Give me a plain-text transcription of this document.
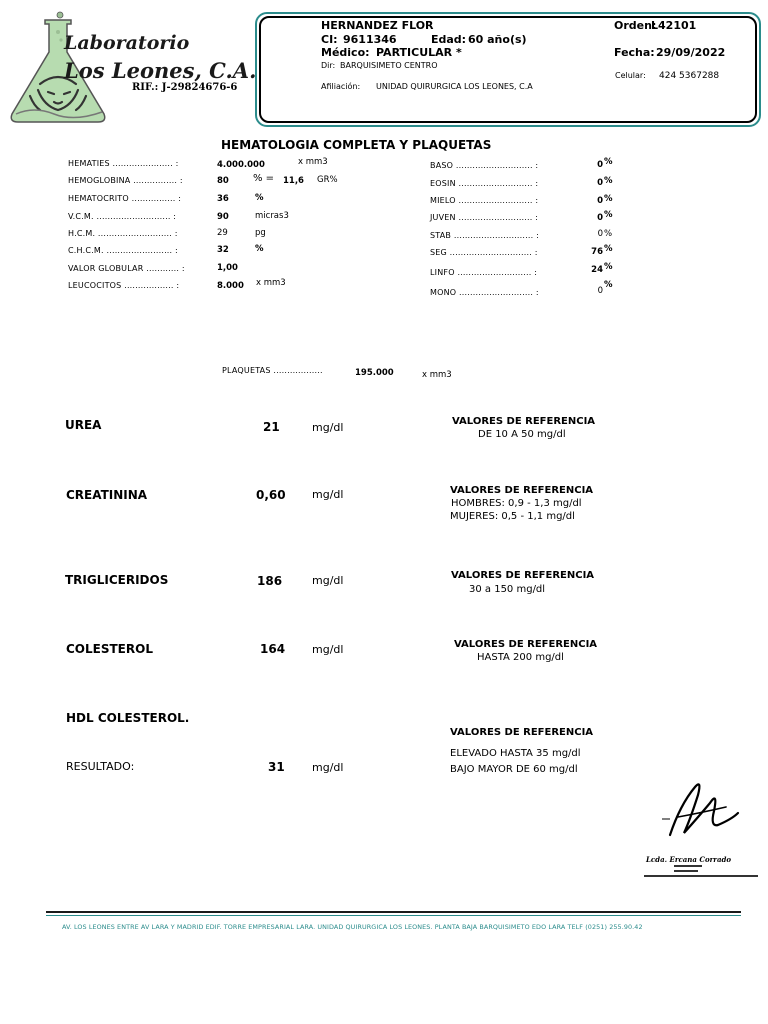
Laboratorio
Los Leones, C.A.
RIF.: J-29824676-6
HERNANDEZ FLOR	Orden:
L42101
CI: 9611346	Edad: 60 año(s)
Médico: PARTICULAR *	Fecha: 29/09/2022
Dir: BARQUISIMETO CENTRO
Celular: 424 5367288
Afiliación: UNIDAD QUIRURGICA LOS LEONES, C.A
HEMATOLOGIA COMPLETA Y PLAQUETAS
HEMATIES ...................... :	4.000.000	x mm3
HEMOGLOBINA ................ :	80 % = 11,6 GR%
HEMATOCRITO ................ :	36	%
V.C.M. ........................... :	90	micras3
H.C.M. ........................... :	29	pg
C.H.C.M. ........................ :	32	%
VALOR GLOBULAR ............ :	1,00
LEUCOCITOS .................. :	8.000 x mm3
BASO ............................ :	0 %
EOSIN ........................... :	0 %
MIELO ........................... :	0 %
JUVEN ........................... :	0 %
STAB ............................. :	0 %
SEG .............................. :	76 %
LINFO ........................... :	24 %
MONO ........................... :	0
%
PLAQUETAS ..................	195.000	x mm3
UREA	21	mg/dl	VALORES DE REFERENCIA
DE 10 A 50 mg/dl
CREATININA	0,60 mg/dl	VALORES DE REFERENCIA
HOMBRES: 0,9 - 1,3 mg/dl
MUJERES: 0,5 - 1,1 mg/dl
TRIGLICERIDOS	186	mg/dl	VALORES DE REFERENCIA
30 a 150 mg/dl
COLESTEROL	164 mg/dl	VALORES DE REFERENCIA
HASTA 200 mg/dl
HDL COLESTEROL.
VALORES DE REFERENCIA
ELEVADO HASTA 35 mg/dl
BAJO MAYOR DE 60 mg/dl
RESULTADO:	31 mg/dl
Lcda. Ercana Corrado
AV. LOS LEONES ENTRE AV LARA Y MADRID EDIF. TORRE EMPRESARIAL LARA. UNIDAD QUIRURGICA LOS LEONES. PLANTA BAJA BARQUISIMETO EDO LARA TELF (0251) 255.90.42
